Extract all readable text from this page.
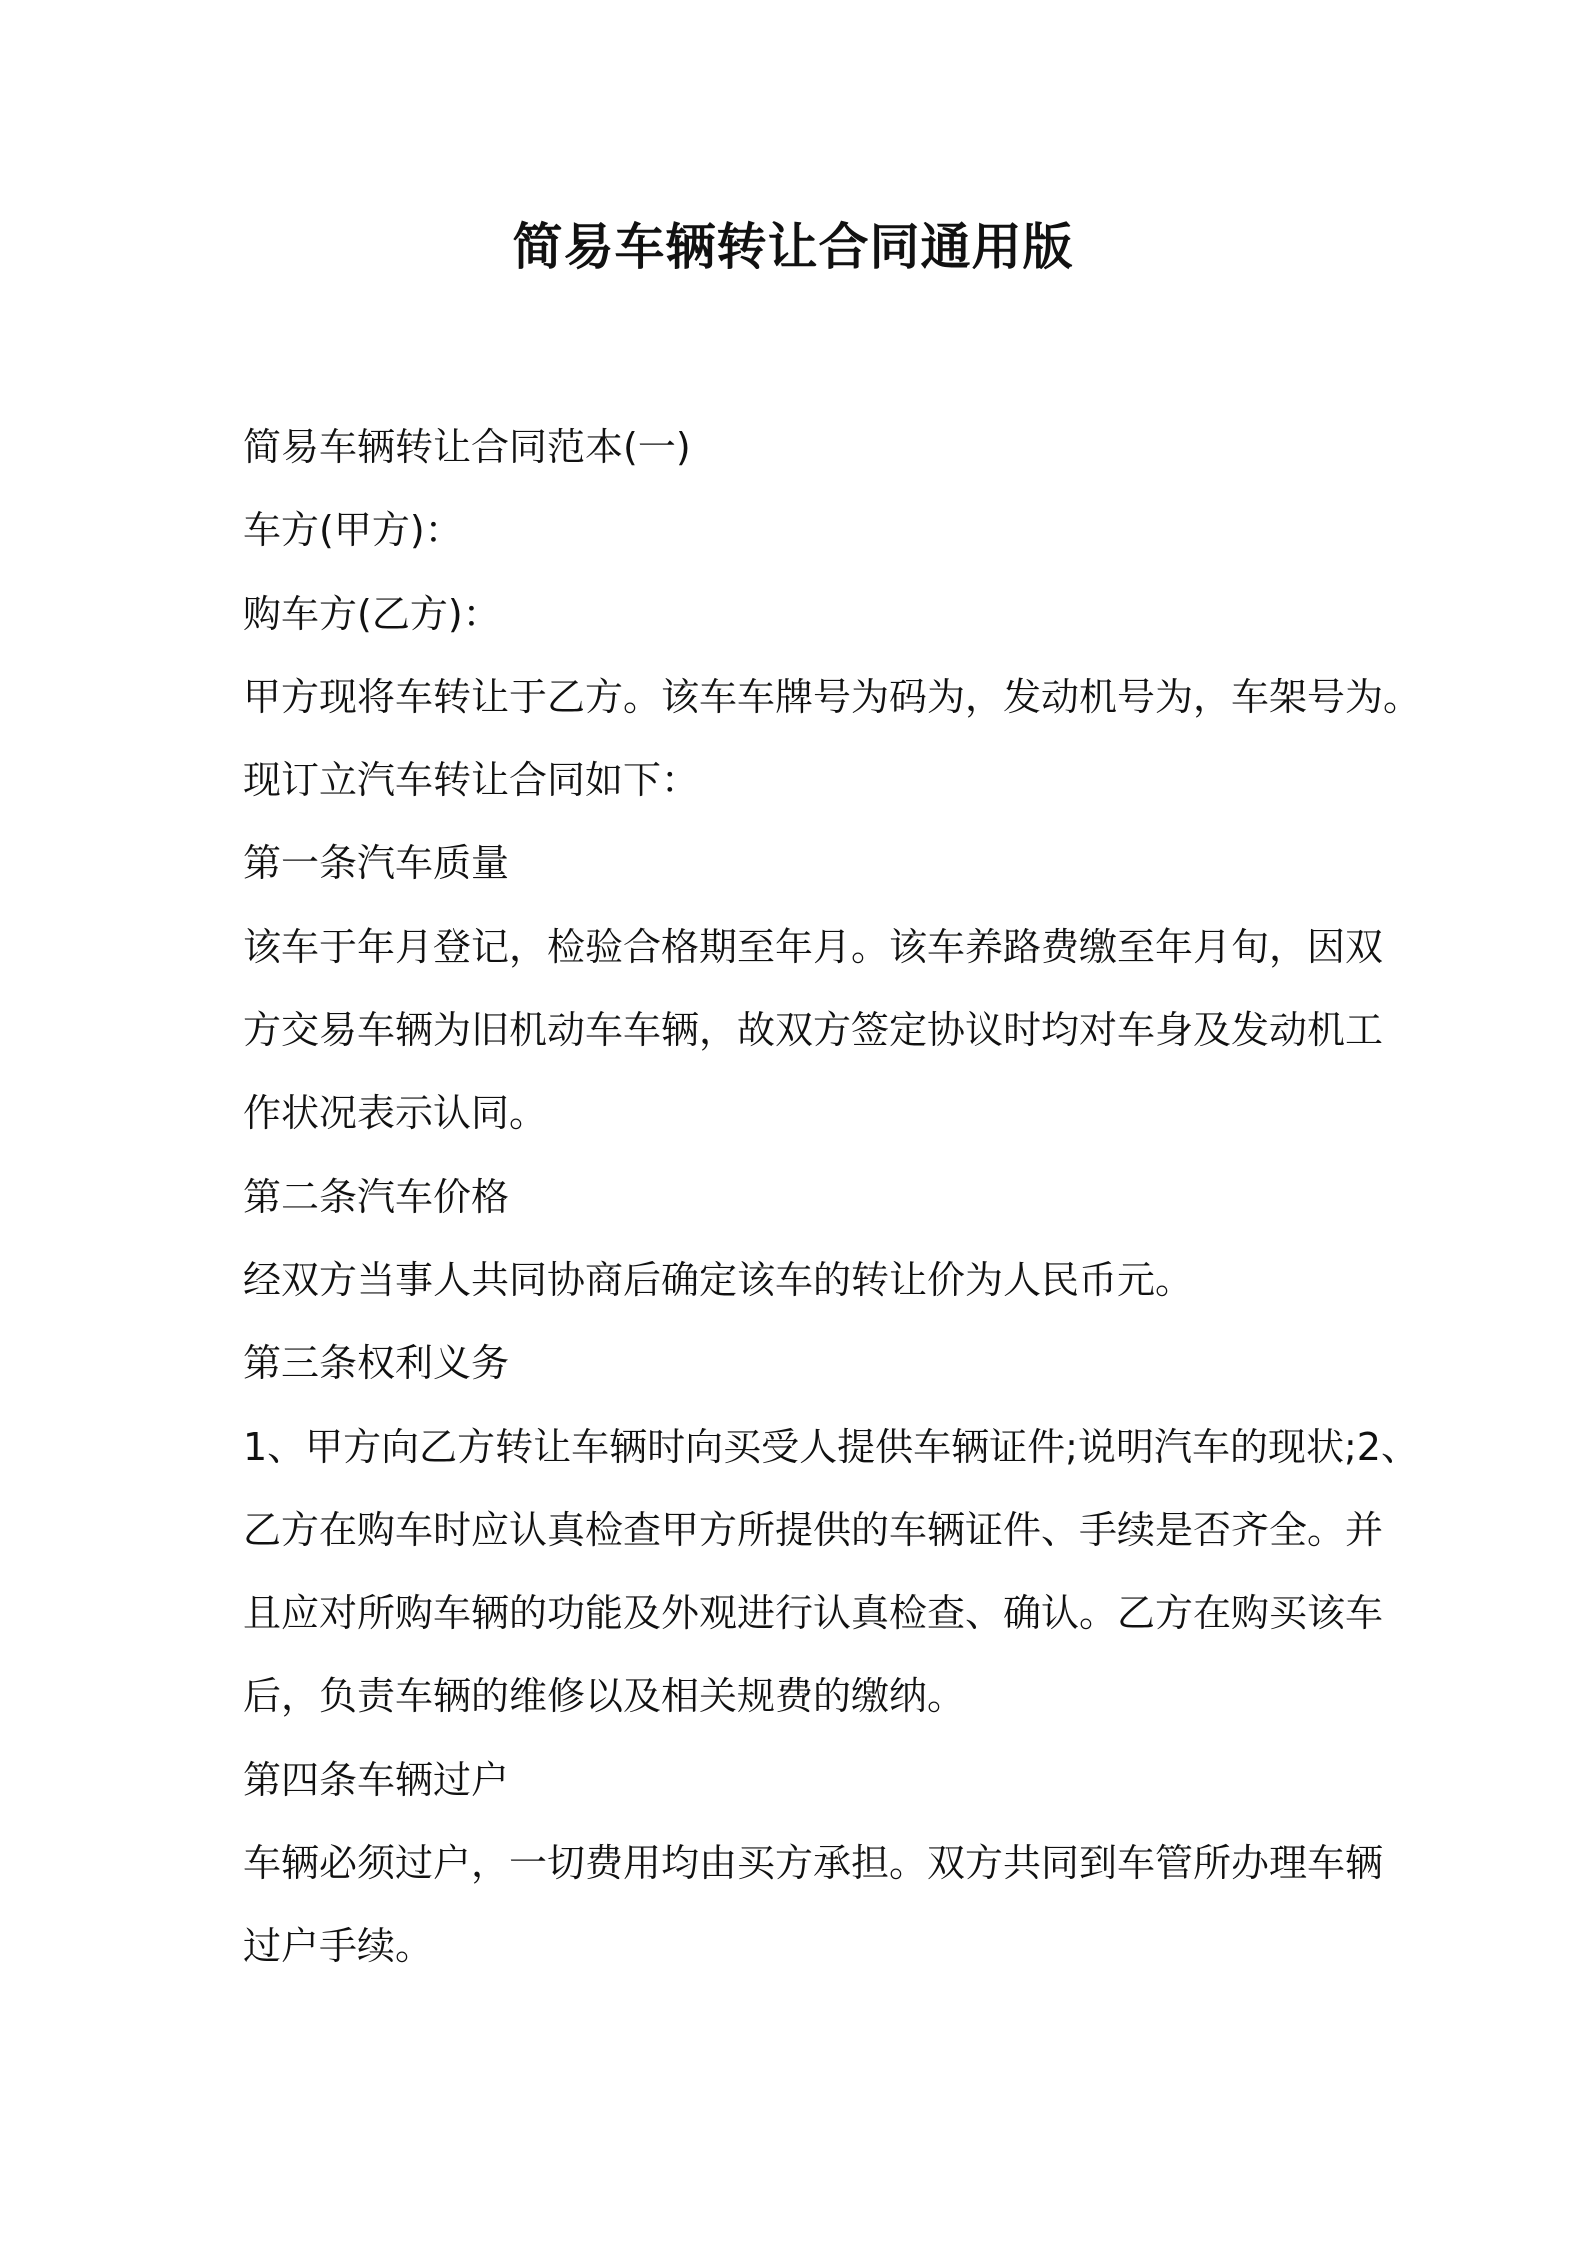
简易车辆转让合同通用版
简易车辆转让合同范本(一)
车方(甲方)：
购车方(乙方)：
甲方现将车转让于乙方。该车车牌号为码为，发动机号为，车架号为。
现订立汽车转让合同如下：
第一条汽车质量
该车于年月登记，检验合格期至年月。该车养路费缴至年月旬，因双
方交易车辆为旧机动车车辆，故双方签定协议时均对车身及发动机工
作状况表示认同。
第二条汽车价格
经双方当事人共同协商后确定该车的转让价为人民币元。
第三条权利义务
1、甲方向乙方转让车辆时向买受人提供车辆证件;说明汽车的现状;2、
乙方在购车时应认真检查甲方所提供的车辆证件、手续是否齐全。并
且应对所购车辆的功能及外观进行认真检查、确认。乙方在购买该车
后，负责车辆的维修以及相关规费的缴纳。
第四条车辆过户
车辆必须过户，一切费用均由买方承担。双方共同到车管所办理车辆
过户手续。
